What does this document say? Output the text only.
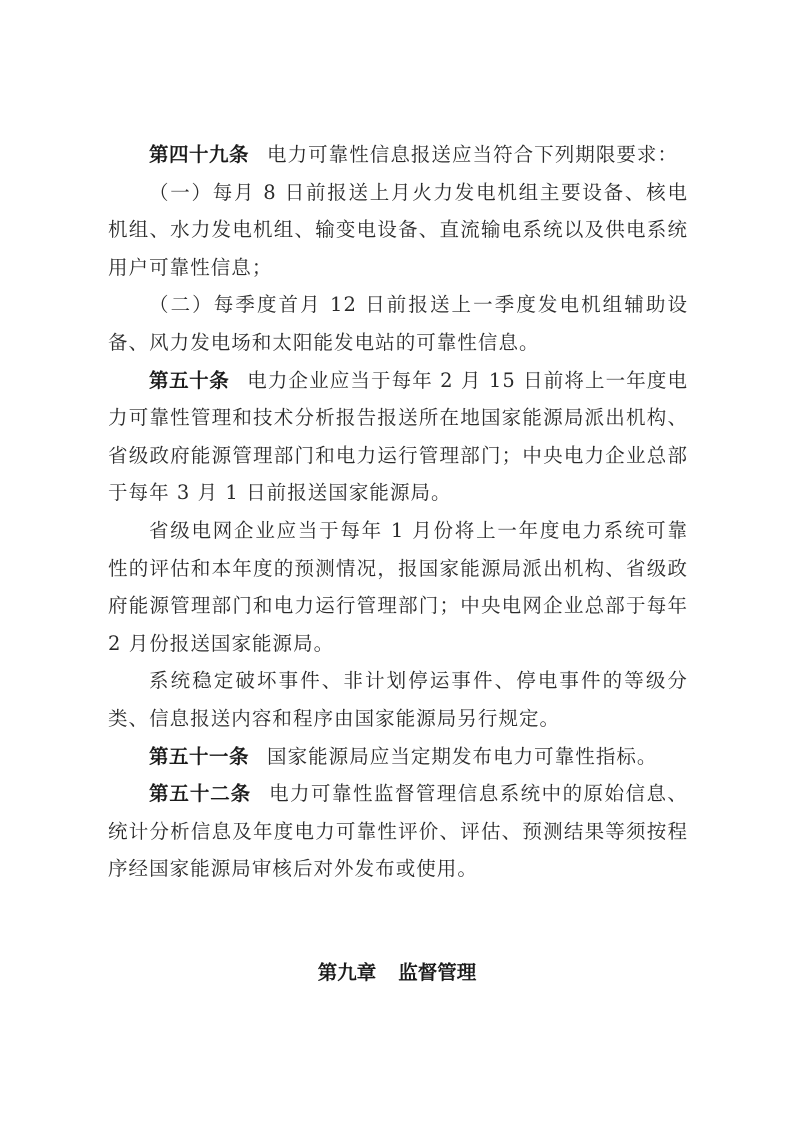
第四十九条 电力可靠性信息报送应当符合下列期限要求：

（一）每月 8 日前报送上月火力发电机组主要设备、核电机组、水力发电机组、输变电设备、直流输电系统以及供电系统用户可靠性信息；

（二）每季度首月 12 日前报送上一季度发电机组辅助设备、风力发电场和太阳能发电站的可靠性信息。

第五十条 电力企业应当于每年 2 月 15 日前将上一年度电力可靠性管理和技术分析报告报送所在地国家能源局派出机构、省级政府能源管理部门和电力运行管理部门；中央电力企业总部于每年 3 月 1 日前报送国家能源局。

省级电网企业应当于每年 1 月份将上一年度电力系统可靠性的评估和本年度的预测情况，报国家能源局派出机构、省级政府能源管理部门和电力运行管理部门；中央电网企业总部于每年 2 月份报送国家能源局。

系统稳定破坏事件、非计划停运事件、停电事件的等级分类、信息报送内容和程序由国家能源局另行规定。

第五十一条 国家能源局应当定期发布电力可靠性指标。

第五十二条 电力可靠性监督管理信息系统中的原始信息、统计分析信息及年度电力可靠性评价、评估、预测结果等须按程序经国家能源局审核后对外发布或使用。

第九章 监督管理
